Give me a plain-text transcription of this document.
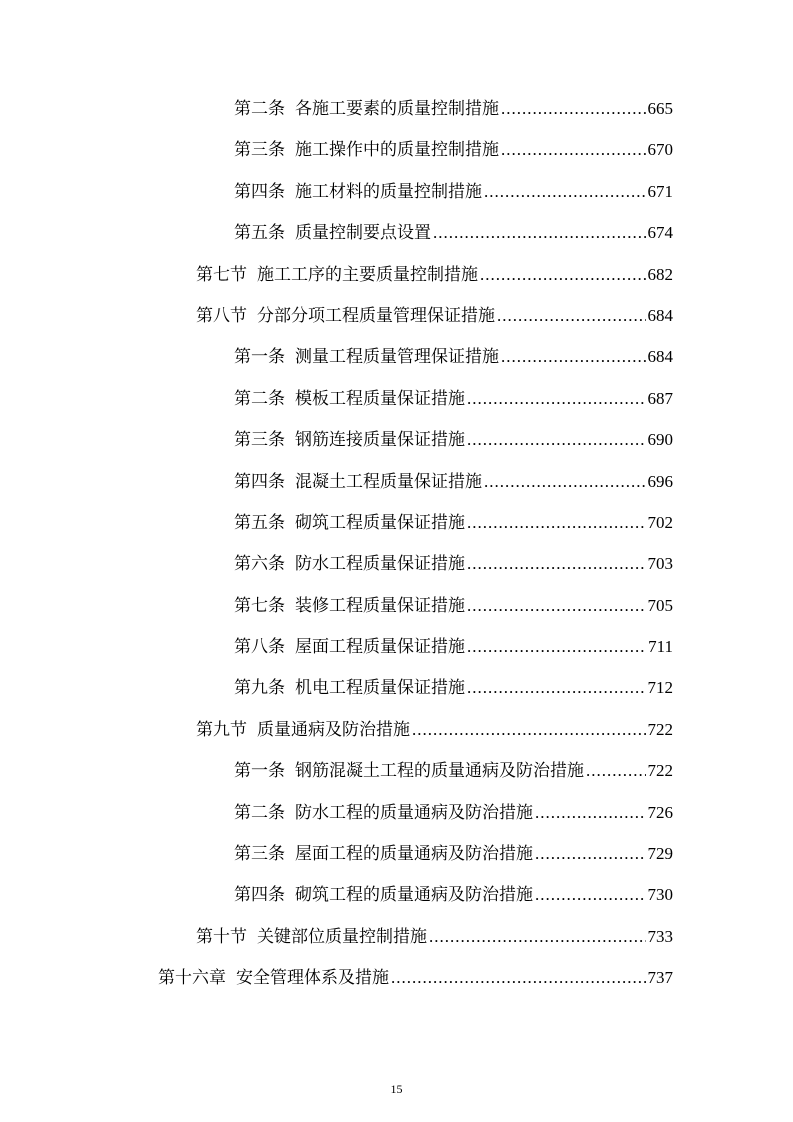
第二条 各施工要素的质量控制措施 .....	665
第三条 施工操作中的质量控制措施 .....	670
第四条 施工材料的质量控制措施 .....	671
第五条 质量控制要点设置 .....	674
第七节 施工工序的主要质量控制措施 .....	682
第八节 分部分项工程质量管理保证措施 .....	684
第一条 测量工程质量管理保证措施 .....	684
第二条 模板工程质量保证措施 .....	687
第三条 钢筋连接质量保证措施 .....	690
第四条 混凝土工程质量保证措施 .....	696
第五条 砌筑工程质量保证措施 .....	702
第六条 防水工程质量保证措施 .....	703
第七条 装修工程质量保证措施 .....	705
第八条 屋面工程质量保证措施 .....	711
第九条 机电工程质量保证措施 .....	712
第九节 质量通病及防治措施 .....	722
第一条 钢筋混凝土工程的质量通病及防治措施 .....	722
第二条 防水工程的质量通病及防治措施 .....	726
第三条 屋面工程的质量通病及防治措施 .....	729
第四条 砌筑工程的质量通病及防治措施 .....	730
第十节 关键部位质量控制措施 .....	733
第十六章 安全管理体系及措施 .....	737
15
